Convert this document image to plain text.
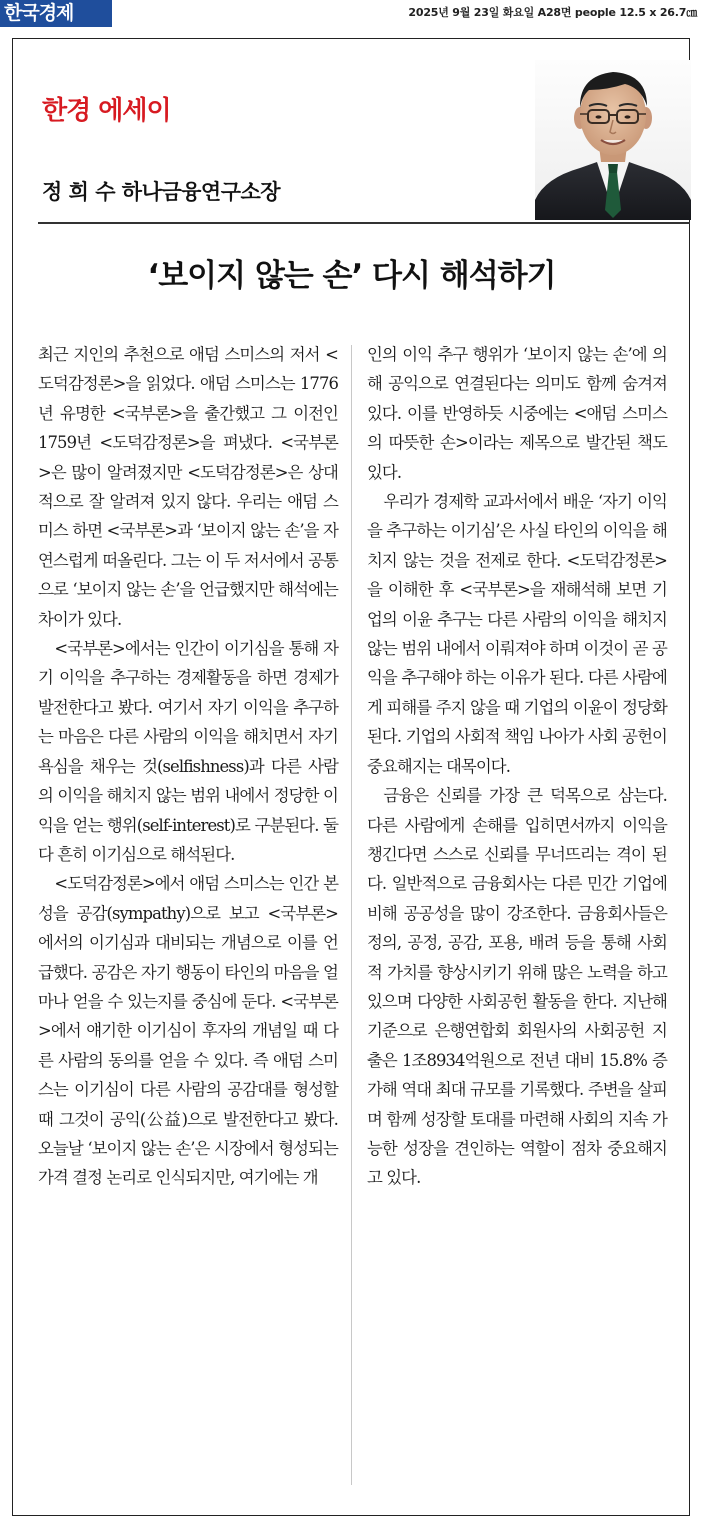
한국경제	2025년 9월 23일 화요일 A28면 people 12.5 x 26.7㎝
한경 에세이
정 희 수 하나금융연구소장
‘보이지 않는 손’ 다시 해석하기

최근 지인의 추천으로 애덤 스미스의 저서 <도덕감정론>을 읽었다. 애덤 스미스는 1776년 유명한 <국부론>을 출간했고 그 이전인 1759년 <도덕감정론>을 펴냈다. <국부론>은 많이 알려졌지만 <도덕감정론>은 상대적으로 잘 알려져 있지 않다. 우리는 애덤 스미스 하면 <국부론>과 ‘보이지 않는 손’을 자연스럽게 떠올린다. 그는 이 두 저서에서 공통으로 ‘보이지 않는 손’을 언급했지만 해석에는 차이가 있다.

<국부론>에서는 인간이 이기심을 통해 자기 이익을 추구하는 경제활동을 하면 경제가 발전한다고 봤다. 여기서 자기 이익을 추구하는 마음은 다른 사람의 이익을 해치면서 자기 욕심을 채우는 것(selfishness)과 다른 사람의 이익을 해치지 않는 범위 내에서 정당한 이익을 얻는 행위(self-interest)로 구분된다. 둘 다 흔히 이기심으로 해석된다.

<도덕감정론>에서 애덤 스미스는 인간 본성을 공감(sympathy)으로 보고 <국부론>에서의 이기심과 대비되는 개념으로 이를 언급했다. 공감은 자기 행동이 타인의 마음을 얼마나 얻을 수 있는지를 중심에 둔다. <국부론>에서 얘기한 이기심이 후자의 개념일 때 다른 사람의 동의를 얻을 수 있다. 즉 애덤 스미스는 이기심이 다른 사람의 공감대를 형성할 때 그것이 공익(公益)으로 발전한다고 봤다. 오늘날 ‘보이지 않는 손’은 시장에서 형성되는 가격 결정 논리로 인식되지만, 여기에는 개

인의 이익 추구 행위가 ‘보이지 않는 손’에 의해 공익으로 연결된다는 의미도 함께 숨겨져 있다. 이를 반영하듯 시중에는 <애덤 스미스의 따뜻한 손>이라는 제목으로 발간된 책도 있다.

우리가 경제학 교과서에서 배운 ‘자기 이익을 추구하는 이기심’은 사실 타인의 이익을 해치지 않는 것을 전제로 한다. <도덕감정론>을 이해한 후 <국부론>을 재해석해 보면 기업의 이윤 추구는 다른 사람의 이익을 해치지 않는 범위 내에서 이뤄져야 하며 이것이 곧 공익을 추구해야 하는 이유가 된다. 다른 사람에게 피해를 주지 않을 때 기업의 이윤이 정당화된다. 기업의 사회적 책임 나아가 사회 공헌이 중요해지는 대목이다.

금융은 신뢰를 가장 큰 덕목으로 삼는다. 다른 사람에게 손해를 입히면서까지 이익을 챙긴다면 스스로 신뢰를 무너뜨리는 격이 된다. 일반적으로 금융회사는 다른 민간 기업에 비해 공공성을 많이 강조한다. 금융회사들은 정의, 공정, 공감, 포용, 배려 등을 통해 사회적 가치를 향상시키기 위해 많은 노력을 하고 있으며 다양한 사회공헌 활동을 한다. 지난해 기준으로 은행연합회 회원사의 사회공헌 지출은 1조8934억원으로 전년 대비 15.8% 증가해 역대 최대 규모를 기록했다. 주변을 살피며 함께 성장할 토대를 마련해 사회의 지속 가능한 성장을 견인하는 역할이 점차 중요해지고 있다.
